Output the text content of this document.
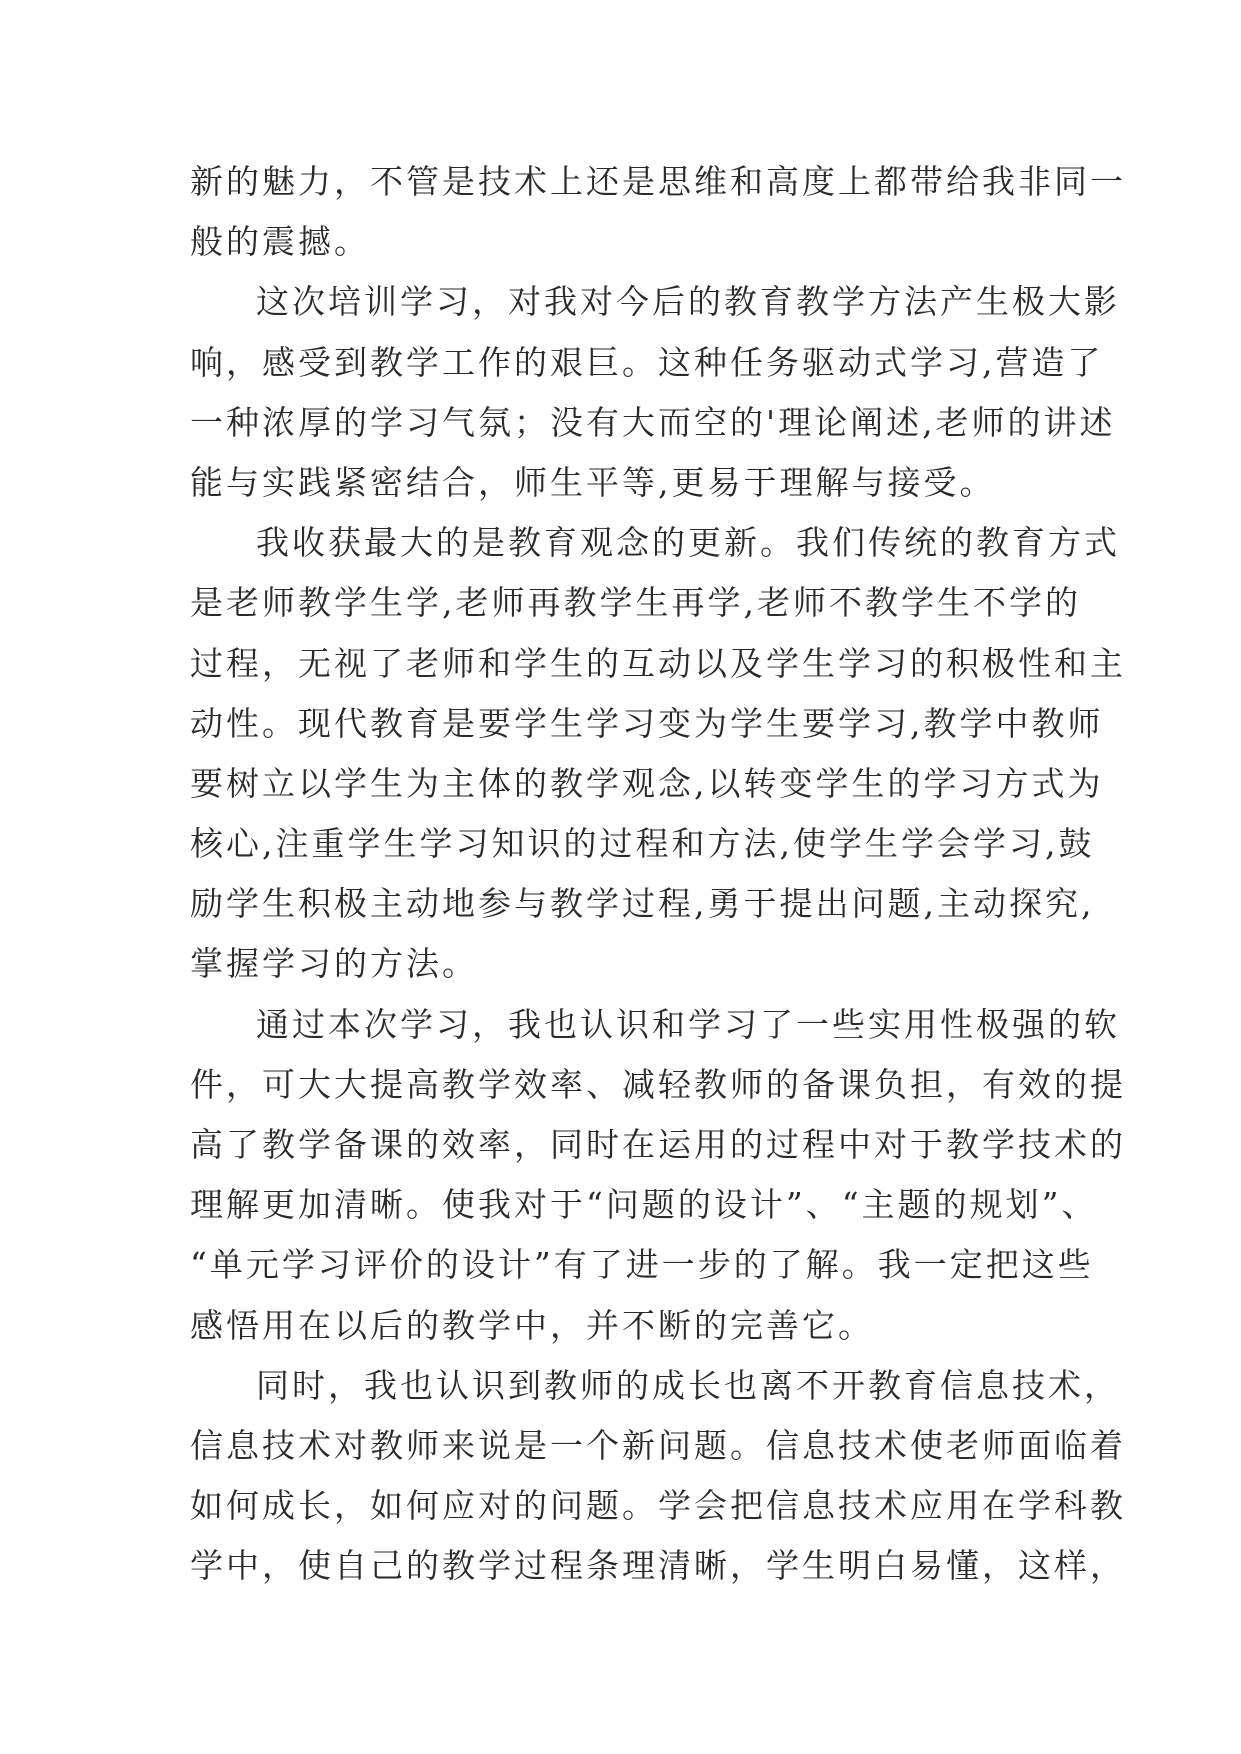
新的魅力，不管是技术上还是思维和高度上都带给我非同一
般的震撼。
这次培训学习，对我对今后的教育教学方法产生极大影
响，感受到教学工作的艰巨。这种任务驱动式学习,营造了
一种浓厚的学习气氛；没有大而空的'理论阐述,老师的讲述
能与实践紧密结合，师生平等,更易于理解与接受。
我收获最大的是教育观念的更新。我们传统的教育方式
是老师教学生学,老师再教学生再学,老师不教学生不学的
过程，无视了老师和学生的互动以及学生学习的积极性和主
动性。现代教育是要学生学习变为学生要学习,教学中教师
要树立以学生为主体的教学观念,以转变学生的学习方式为
核心,注重学生学习知识的过程和方法,使学生学会学习,鼓
励学生积极主动地参与教学过程,勇于提出问题,主动探究,
掌握学习的方法。
通过本次学习，我也认识和学习了一些实用性极强的软
件，可大大提高教学效率、减轻教师的备课负担，有效的提
高了教学备课的效率，同时在运用的过程中对于教学技术的
理解更加清晰。使我对于“问题的设计”、“主题的规划”、
“单元学习评价的设计”有了进一步的了解。我一定把这些
感悟用在以后的教学中，并不断的完善它。
同时，我也认识到教师的成长也离不开教育信息技术，
信息技术对教师来说是一个新问题。信息技术使老师面临着
如何成长，如何应对的问题。学会把信息技术应用在学科教
学中，使自己的教学过程条理清晰，学生明白易懂，这样，
